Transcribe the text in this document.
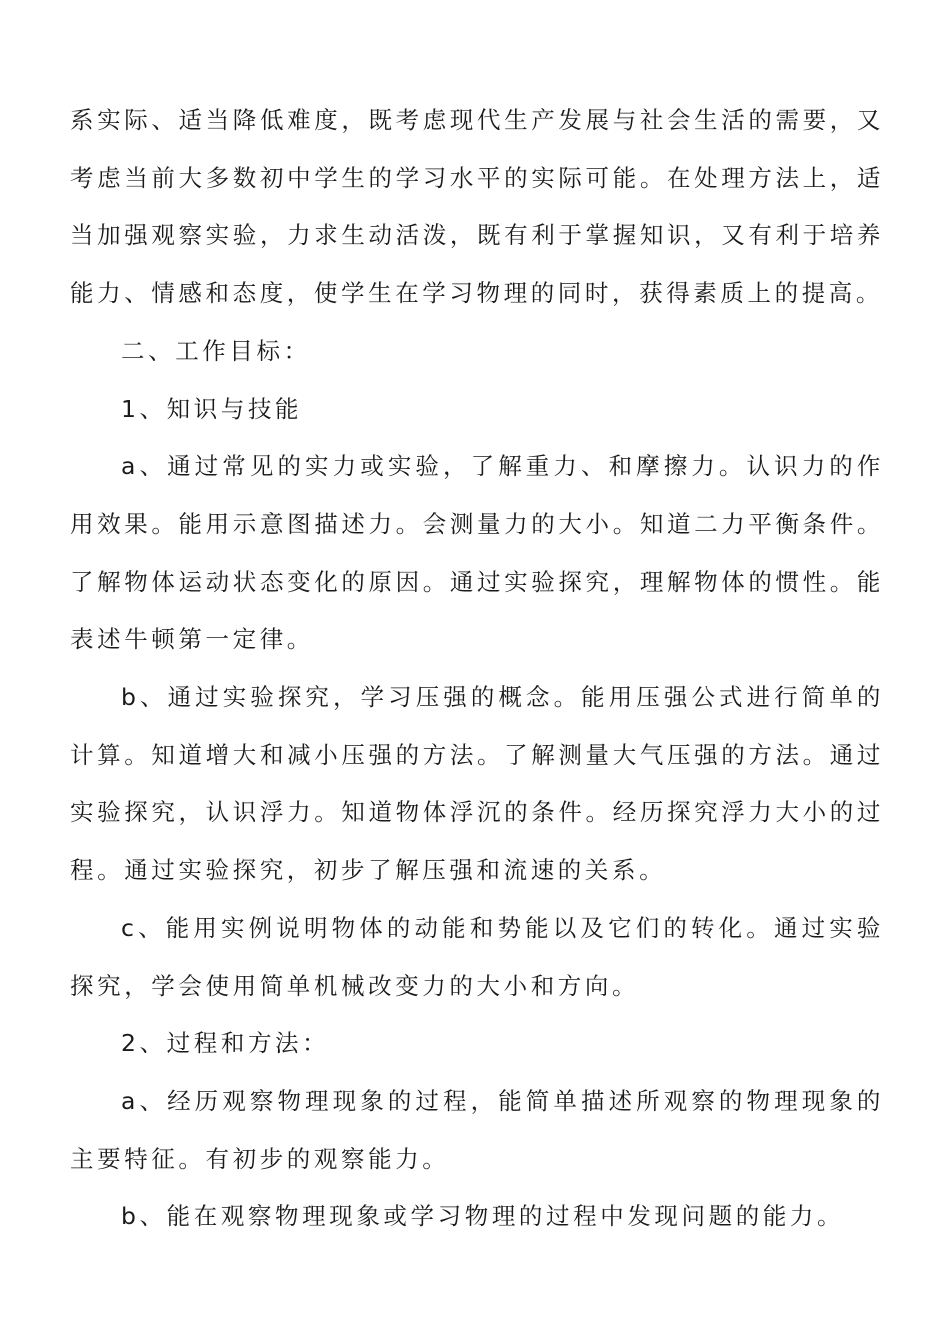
系实际、适当降低难度，既考虑现代生产发展与社会生活的需要，又考虑当前大多数初中学生的学习水平的实际可能。在处理方法上，适当加强观察实验，力求生动活泼，既有利于掌握知识，又有利于培养能力、情感和态度，使学生在学习物理的同时，获得素质上的提高。

二、工作目标：

1、知识与技能

a、通过常见的实力或实验，了解重力、和摩擦力。认识力的作用效果。能用示意图描述力。会测量力的大小。知道二力平衡条件。了解物体运动状态变化的原因。通过实验探究，理解物体的惯性。能表述牛顿第一定律。

b、通过实验探究，学习压强的概念。能用压强公式进行简单的计算。知道增大和减小压强的方法。了解测量大气压强的方法。通过实验探究，认识浮力。知道物体浮沉的条件。经历探究浮力大小的过程。通过实验探究，初步了解压强和流速的关系。

c、能用实例说明物体的动能和势能以及它们的转化。通过实验探究，学会使用简单机械改变力的大小和方向。

2、过程和方法：

a、经历观察物理现象的过程，能简单描述所观察的物理现象的主要特征。有初步的观察能力。

b、能在观察物理现象或学习物理的过程中发现问题的能力。
